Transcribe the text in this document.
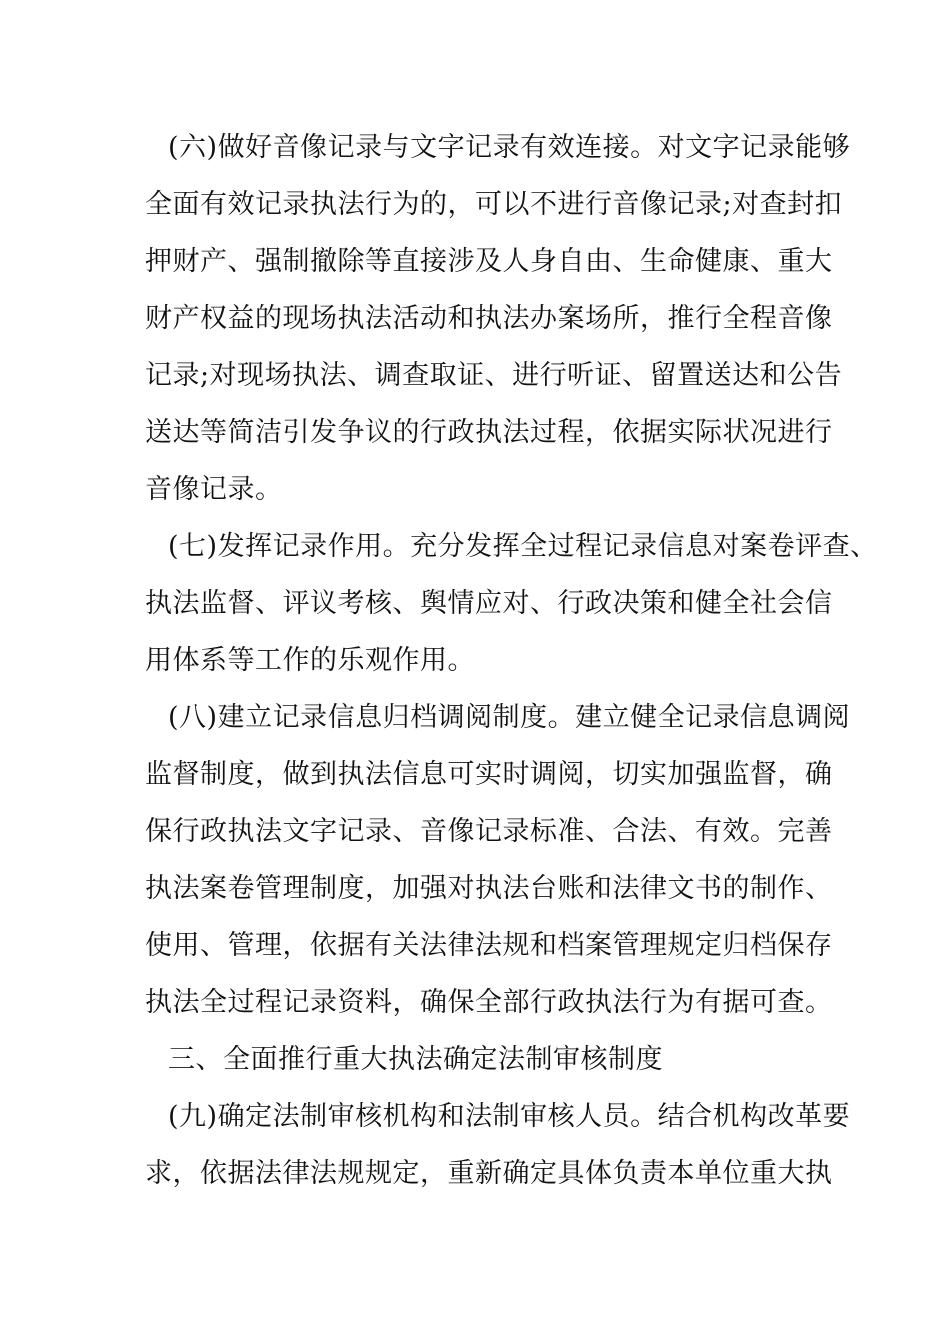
(六)做好音像记录与文字记录有效连接。对文字记录能够
全面有效记录执法行为的，可以不进行音像记录;对查封扣
押财产、强制撤除等直接涉及人身自由、生命健康、重大
财产权益的现场执法活动和执法办案场所，推行全程音像
记录;对现场执法、调查取证、进行听证、留置送达和公告
送达等简洁引发争议的行政执法过程，依据实际状况进行
音像记录。
(七)发挥记录作用。充分发挥全过程记录信息对案卷评查、
执法监督、评议考核、舆情应对、行政决策和健全社会信
用体系等工作的乐观作用。
(八)建立记录信息归档调阅制度。建立健全记录信息调阅
监督制度，做到执法信息可实时调阅，切实加强监督，确
保行政执法文字记录、音像记录标准、合法、有效。完善
执法案卷管理制度，加强对执法台账和法律文书的制作、
使用、管理，依据有关法律法规和档案管理规定归档保存
执法全过程记录资料，确保全部行政执法行为有据可查。
三、全面推行重大执法确定法制审核制度
(九)确定法制审核机构和法制审核人员。结合机构改革要
求，依据法律法规规定，重新确定具体负责本单位重大执
